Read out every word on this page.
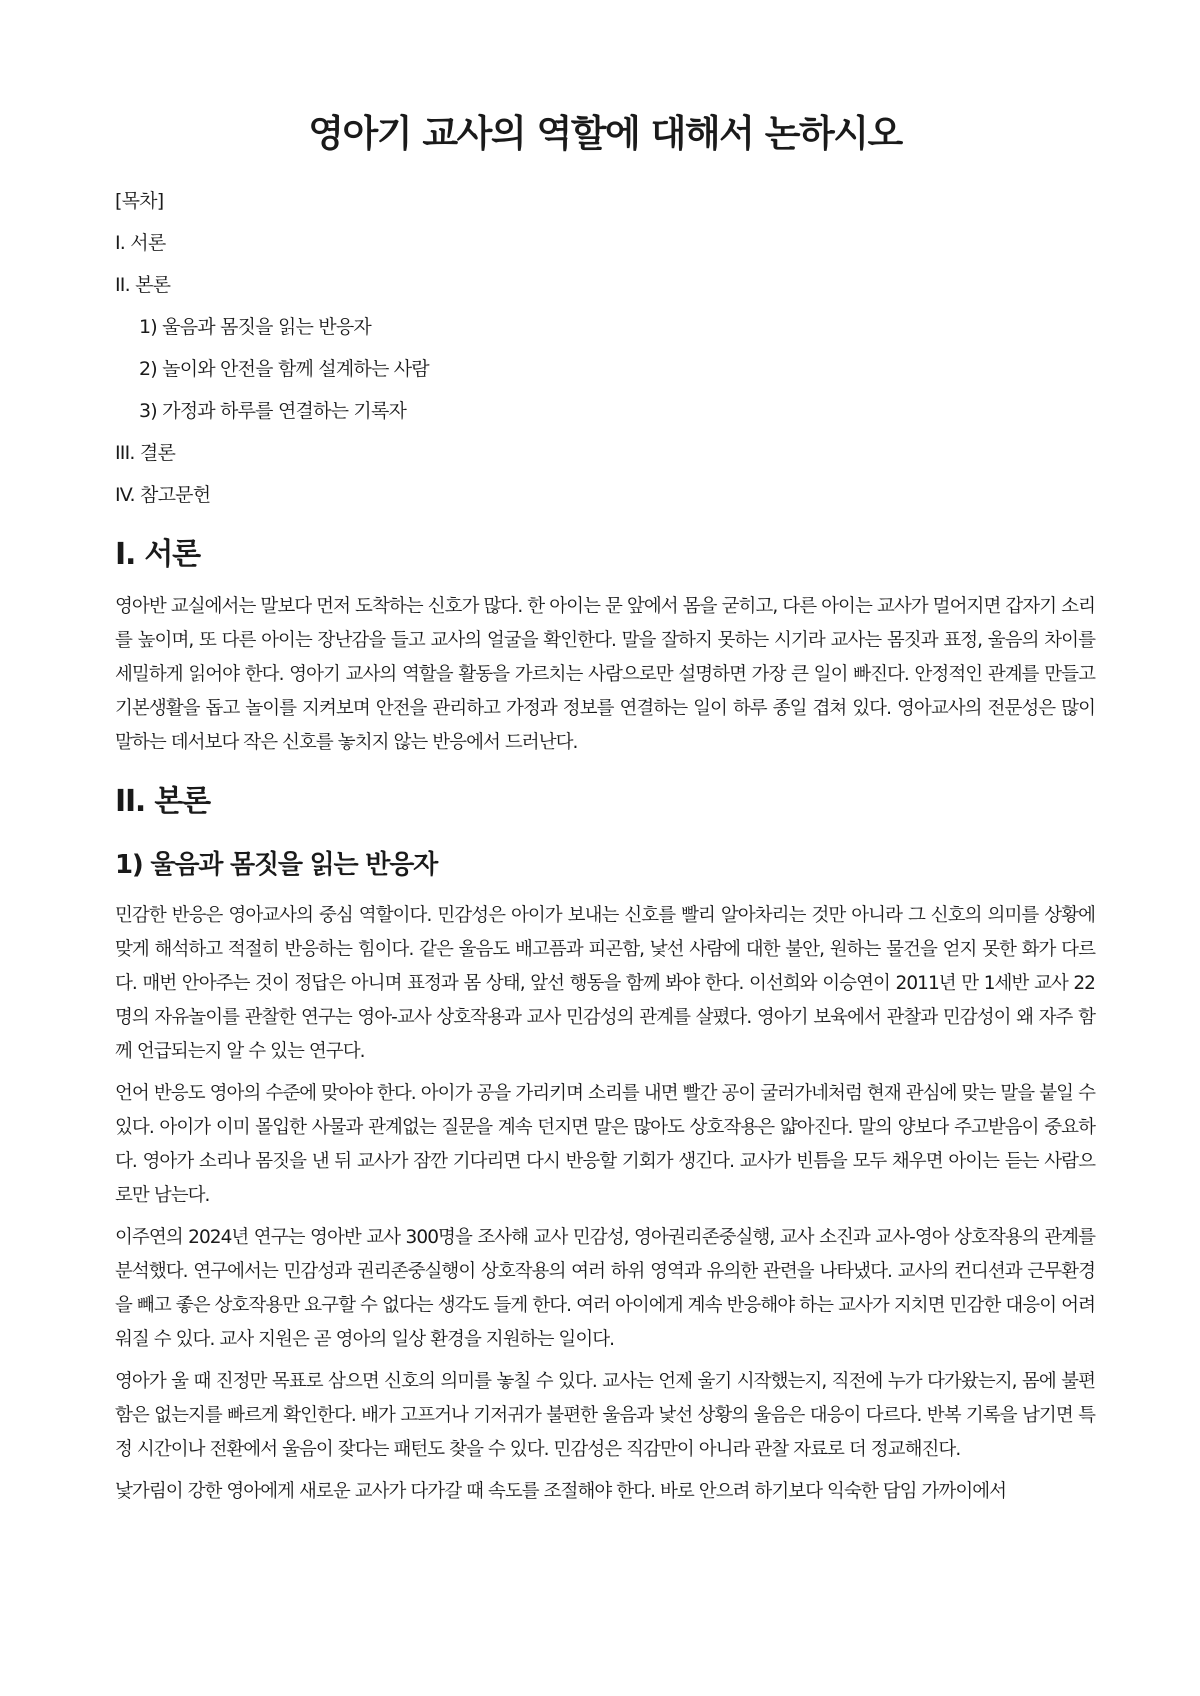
영아기 교사의 역할에 대해서 논하시오
[목차]
I. 서론
II. 본론
1) 울음과 몸짓을 읽는 반응자
2) 놀이와 안전을 함께 설계하는 사람
3) 가정과 하루를 연결하는 기록자
III. 결론
IV. 참고문헌
I. 서론

영아반 교실에서는 말보다 먼저 도착하는 신호가 많다. 한 아이는 문 앞에서 몸을 굳히고, 다른 아이는 교사가 멀어지면 갑자기 소리를 높이며, 또 다른 아이는 장난감을 들고 교사의 얼굴을 확인한다. 말을 잘하지 못하는 시기라 교사는 몸짓과 표정, 울음의 차이를 세밀하게 읽어야 한다. 영아기 교사의 역할을 활동을 가르치는 사람으로만 설명하면 가장 큰 일이 빠진다. 안정적인 관계를 만들고 기본생활을 돕고 놀이를 지켜보며 안전을 관리하고 가정과 정보를 연결하는 일이 하루 종일 겹쳐 있다. 영아교사의 전문성은 많이 말하는 데서보다 작은 신호를 놓치지 않는 반응에서 드러난다.

II. 본론
1) 울음과 몸짓을 읽는 반응자

민감한 반응은 영아교사의 중심 역할이다. 민감성은 아이가 보내는 신호를 빨리 알아차리는 것만 아니라 그 신호의 의미를 상황에 맞게 해석하고 적절히 반응하는 힘이다. 같은 울음도 배고픔과 피곤함, 낯선 사람에 대한 불안, 원하는 물건을 얻지 못한 화가 다르다. 매번 안아주는 것이 정답은 아니며 표정과 몸 상태, 앞선 행동을 함께 봐야 한다. 이선희와 이승연이 2011년 만 1세반 교사 22명의 자유놀이를 관찰한 연구는 영아-교사 상호작용과 교사 민감성의 관계를 살폈다. 영아기 보육에서 관찰과 민감성이 왜 자주 함께 언급되는지 알 수 있는 연구다.

언어 반응도 영아의 수준에 맞아야 한다. 아이가 공을 가리키며 소리를 내면 빨간 공이 굴러가네처럼 현재 관심에 맞는 말을 붙일 수 있다. 아이가 이미 몰입한 사물과 관계없는 질문을 계속 던지면 말은 많아도 상호작용은 얇아진다. 말의 양보다 주고받음이 중요하다. 영아가 소리나 몸짓을 낸 뒤 교사가 잠깐 기다리면 다시 반응할 기회가 생긴다. 교사가 빈틈을 모두 채우면 아이는 듣는 사람으로만 남는다.

이주연의 2024년 연구는 영아반 교사 300명을 조사해 교사 민감성, 영아권리존중실행, 교사 소진과 교사-영아 상호작용의 관계를 분석했다. 연구에서는 민감성과 권리존중실행이 상호작용의 여러 하위 영역과 유의한 관련을 나타냈다. 교사의 컨디션과 근무환경을 빼고 좋은 상호작용만 요구할 수 없다는 생각도 들게 한다. 여러 아이에게 계속 반응해야 하는 교사가 지치면 민감한 대응이 어려워질 수 있다. 교사 지원은 곧 영아의 일상 환경을 지원하는 일이다.

영아가 울 때 진정만 목표로 삼으면 신호의 의미를 놓칠 수 있다. 교사는 언제 울기 시작했는지, 직전에 누가 다가왔는지, 몸에 불편함은 없는지를 빠르게 확인한다. 배가 고프거나 기저귀가 불편한 울음과 낯선 상황의 울음은 대응이 다르다. 반복 기록을 남기면 특정 시간이나 전환에서 울음이 잦다는 패턴도 찾을 수 있다. 민감성은 직감만이 아니라 관찰 자료로 더 정교해진다.

낯가림이 강한 영아에게 새로운 교사가 다가갈 때 속도를 조절해야 한다. 바로 안으려 하기보다 익숙한 담임 가까이에서
